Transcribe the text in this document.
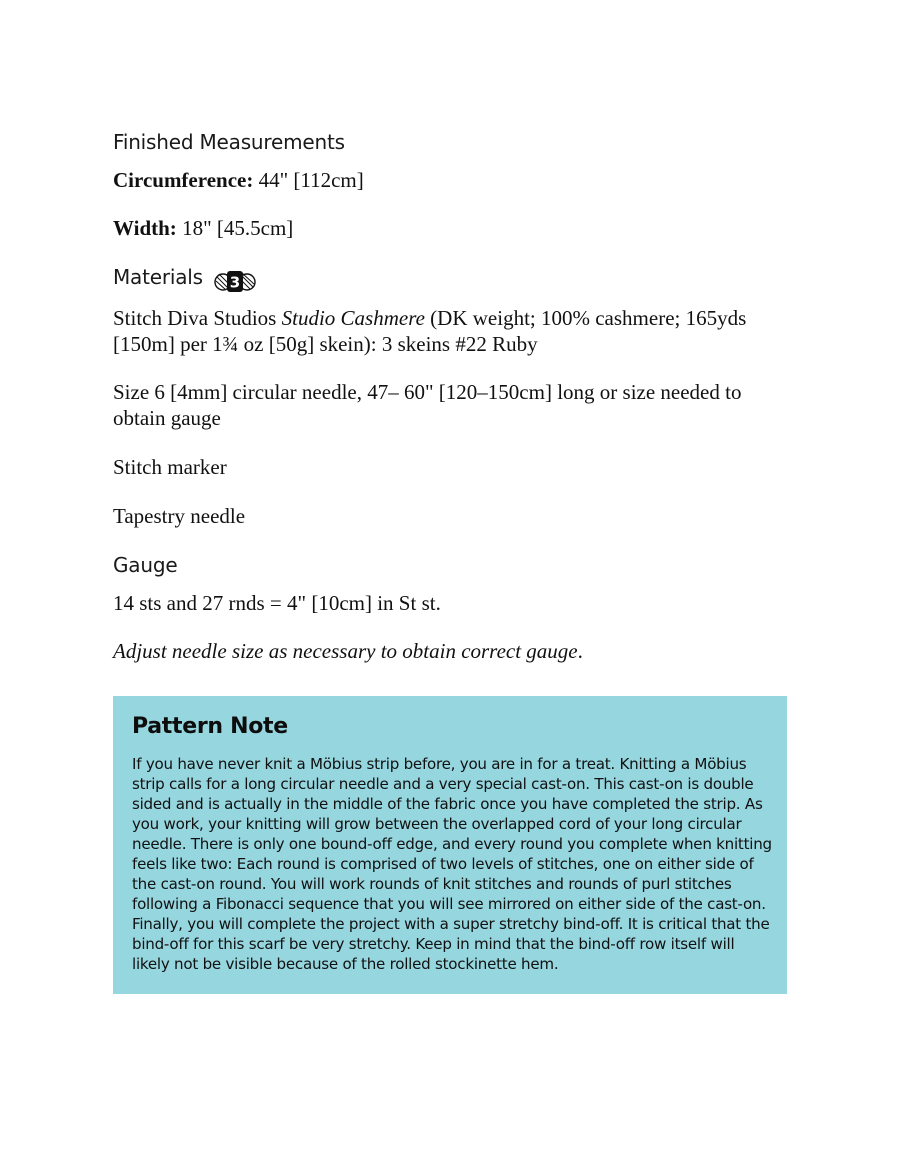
Finished Measurements

Circumference: 44" [112cm]

Width: 18" [45.5cm]

Materials 3

Stitch Diva Studios Studio Cashmere (DK weight; 100% cashmere; 165yds [150m] per 1¾ oz [50g] skein): 3 skeins #22 Ruby

Size 6 [4mm] circular needle, 47– 60" [120–150cm] long or size needed to obtain gauge

Stitch marker

Tapestry needle

Gauge

14 sts and 27 rnds = 4" [10cm] in St st.

Adjust needle size as necessary to obtain correct gauge.

Pattern Note

If you have never knit a Möbius strip before, you are in for a treat. Knitting a Möbius strip calls for a long circular needle and a very special cast-on. This cast-on is double sided and is actually in the middle of the fabric once you have completed the strip. As you work, your knitting will grow between the overlapped cord of your long circular needle. There is only one bound-off edge, and every round you complete when knitting feels like two: Each round is comprised of two levels of stitches, one on either side of the cast-on round. You will work rounds of knit stitches and rounds of purl stitches following a Fibonacci sequence that you will see mirrored on either side of the cast-on. Finally, you will complete the project with a super stretchy bind-off. It is critical that the bind-off for this scarf be very stretchy. Keep in mind that the bind-off row itself will likely not be visible because of the rolled stockinette hem.
